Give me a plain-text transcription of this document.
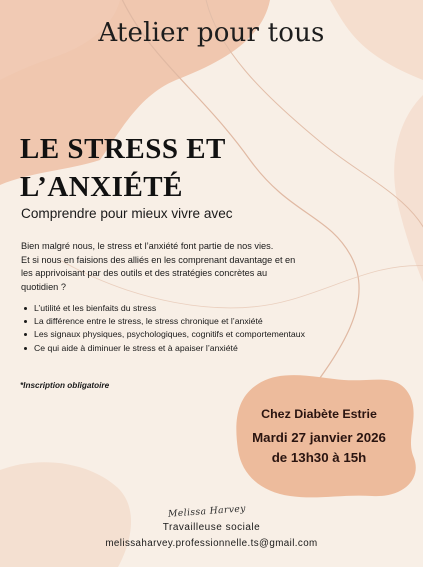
Atelier pour tous
LE STRESS ET
L’ANXIÉTÉ
Comprendre pour mieux vivre avec
Bien malgré nous, le stress et l’anxiété font partie de nos vies.
Et si nous en faisions des alliés en les comprenant davantage et en
les apprivoisant par des outils et des stratégies concrètes au
quotidien ?
L’utilité et les bienfaits du stress
La différence entre le stress, le stress chronique et l’anxiété
Les signaux physiques, psychologiques, cognitifs et comportementaux
Ce qui aide à diminuer le stress et à apaiser l’anxiété
*Inscription obligatoire
Chez Diabète Estrie
Mardi 27 janvier 2026
de 13h30 à 15h
Melissa Harvey
Travailleuse sociale
melissaharvey.professionnelle.ts@gmail.com
